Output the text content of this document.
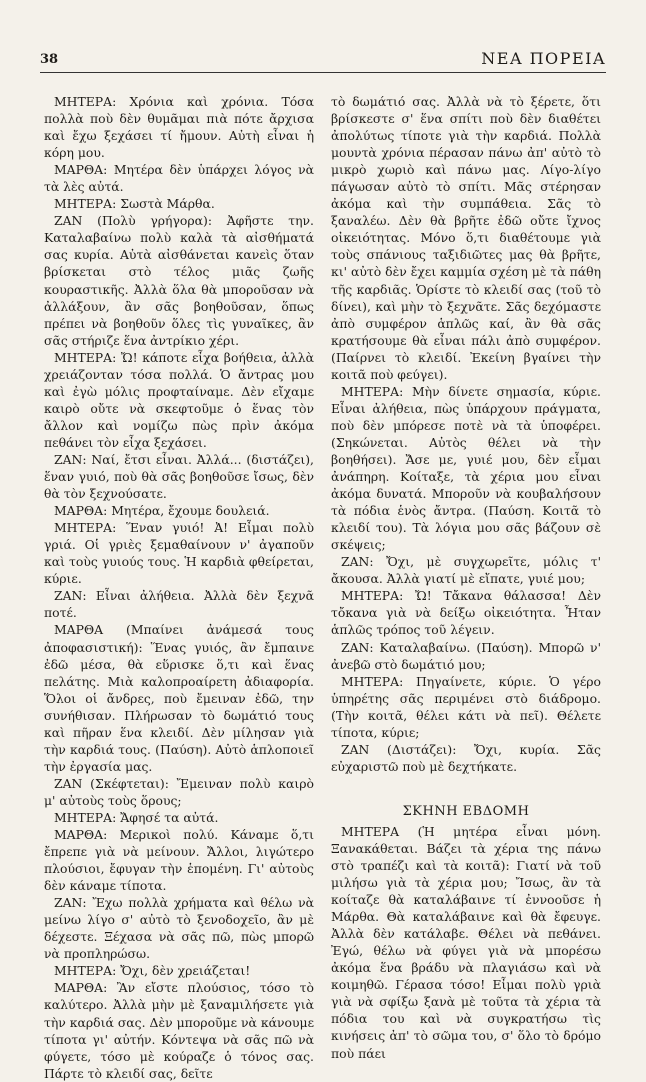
38	ΝΕΑ ΠΟΡΕΙΑ

ΜΗΤΕΡΑ: Χρόνια καὶ χρόνια. Τόσα πολλὰ ποὺ δὲν θυμᾶμαι πιὰ πότε ἄρχισα καὶ ἔχω ξεχάσει τί ἤμουν. Αὐτὴ εἶναι ἡ κόρη μου.

ΜΑΡΘΑ: Μητέρα δὲν ὑπάρχει λόγος νὰ τὰ λὲς αὐτά.

ΜΗΤΕΡΑ: Σωστὰ Μάρθα.

ΖΑΝ (Πολὺ γρήγορα): Ἀφῆστε την. Καταλαβαίνω πολὺ καλὰ τὰ αἰσθήματά σας κυρία. Αὐτὰ αἰσθάνεται κανεὶς ὅταν βρίσκεται στὸ τέλος μιᾶς ζωῆς κουραστικῆς. Ἀλλὰ ὅλα θὰ μποροῦσαν νὰ ἀλλάξουν, ἂν σᾶς βοηθοῦσαν, ὅπως πρέπει νὰ βοηθοῦν ὅλες τὶς γυναῖκες, ἂν σᾶς στήριζε ἕνα ἀντρίκιο χέρι.

ΜΗΤΕΡΑ: Ὤ! κάποτε εἶχα βοήθεια, ἀλλὰ χρειάζονταν τόσα πολλά. Ὁ ἄντρας μου καὶ ἐγὼ μόλις προφταίναμε. Δὲν εἴχαμε καιρὸ οὔτε νὰ σκεφτοῦμε ὁ ἕνας τὸν ἄλλον καὶ νομίζω πὼς πρὶν ἀκόμα πεθάνει τὸν εἶχα ξεχάσει.

ΖΑΝ: Ναί, ἔτσι εἶναι. Ἀλλά... (διστάζει), ἕναν γυιό, ποὺ θὰ σᾶς βοηθοῦσε ἴσως, δὲν θὰ τὸν ξεχνούσατε.

ΜΑΡΘΑ: Μητέρα, ἔχουμε δουλειά.

ΜΗΤΕΡΑ: Ἕναν γυιό! Ἀ! Εἶμαι πολὺ γριά. Οἱ γριὲς ξεμαθαίνουν ν' ἀγαποῦν καὶ τοὺς γυιούς τους. Ἡ καρδιὰ φθείρεται, κύριε.

ΖΑΝ: Εἶναι ἀλήθεια. Ἀλλὰ δὲν ξεχνᾶ ποτέ.

ΜΑΡΘΑ (Μπαίνει ἀνάμεσά τους ἀποφασιστική): Ἕνας γυιός, ἂν ἔμπαινε ἐδῶ μέσα, θὰ εὕρισκε ὅ,τι καὶ ἕνας πελάτης. Μιὰ καλοπροαίρετη ἀδιαφορία. Ὅλοι οἱ ἄνδρες, ποὺ ἔμειναν ἐδῶ, την συνήθισαν. Πλήρωσαν τὸ δωμάτιό τους καὶ πῆραν ἕνα κλειδί. Δὲν μίλησαν γιὰ τὴν καρδιά τους. (Παύση). Αὐτὸ ἁπλοποιεῖ τὴν ἐργασία μας.

ΖΑΝ (Σκέφτεται): Ἔμειναν πολὺ καιρὸ μ' αὐτοὺς τοὺς ὅρους;

ΜΗΤΕΡΑ: Ἄφησέ τα αὐτά.

ΜΑΡΘΑ: Μερικοὶ πολύ. Κάναμε ὅ,τι ἔπρεπε γιὰ νὰ μείνουν. Ἄλλοι, λιγώτερο πλούσιοι, ἔφυγαν τὴν ἑπομένη. Γι' αὐτοὺς δὲν κάναμε τίποτα.

ΖΑΝ: Ἔχω πολλὰ χρήματα καὶ θέλω νὰ μείνω λίγο σ' αὐτὸ τὸ ξενοδοχεῖο, ἂν μὲ δέχεστε. Ξέχασα νὰ σᾶς πῶ, πὼς μπορῶ νὰ προπληρώσω.

ΜΗΤΕΡΑ: Ὄχι, δὲν χρειάζεται!

ΜΑΡΘΑ: Ἂν εἴστε πλούσιος, τόσο τὸ καλύτερο. Ἀλλὰ μὴν μὲ ξαναμιλήσετε γιὰ τὴν καρδιά σας. Δὲν μποροῦμε νὰ κάνουμε τίποτα γι' αὐτήν. Κόντεψα νὰ σᾶς πῶ νὰ φύγετε, τόσο μὲ κούραζε ὁ τόνος σας. Πάρτε τὸ κλειδί σας, δεῖτε

τὸ δωμάτιό σας. Ἀλλὰ νὰ τὸ ξέρετε, ὅτι βρίσκεστε σ' ἕνα σπίτι ποὺ δὲν διαθέτει ἀπολύτως τίποτε γιὰ τὴν καρδιά. Πολλὰ μουντὰ χρόνια πέρασαν πάνω ἀπ' αὐτὸ τὸ μικρὸ χωριὸ καὶ πάνω μας. Λίγο-λίγο πάγωσαν αὐτὸ τὸ σπίτι. Μᾶς στέρησαν ἀκόμα καὶ τὴν συμπάθεια. Σᾶς τὸ ξαναλέω. Δὲν θὰ βρῆτε ἐδῶ οὔτε ἴχνος οἰκειότητας. Μόνο ὅ,τι διαθέτουμε γιὰ τοὺς σπάνιους ταξιδιῶτες μας θὰ βρῆτε, κι' αὐτὸ δὲν ἔχει καμμία σχέση μὲ τὰ πάθη τῆς καρδιᾶς. Ὁρίστε τὸ κλειδί σας (τοῦ τὸ δίνει), καὶ μὴν τὸ ξεχνᾶτε. Σᾶς δεχόμαστε ἀπὸ συμφέρον ἁπλῶς καί, ἂν θὰ σᾶς κρατήσουμε θὰ εἶναι πάλι ἀπὸ συμφέρον. (Παίρνει τὸ κλειδί. Ἐκείνη βγαίνει τὴν κοιτᾶ ποὺ φεύγει).

ΜΗΤΕΡΑ: Μὴν δίνετε σημασία, κύριε. Εἶναι ἀλήθεια, πὼς ὑπάρχουν πράγματα, ποὺ δὲν μπόρεσε ποτὲ νὰ τὰ ὑποφέρει. (Σηκώνεται. Αὐτὸς θέλει νὰ τὴν βοηθήσει). Ἄσε με, γυιέ μου, δὲν εἶμαι ἀνάπηρη. Κοίταξε, τὰ χέρια μου εἶναι ἀκόμα δυνατά. Μποροῦν νὰ κουβαλήσουν τὰ πόδια ἑνὸς ἄντρα. (Παύση. Κοιτᾶ τὸ κλειδί του). Τὰ λόγια μου σᾶς βάζουν σὲ σκέψεις;

ΖΑΝ: Ὄχι, μὲ συγχωρεῖτε, μόλις τ' ἄκουσα. Ἀλλὰ γιατί μὲ εἴπατε, γυιέ μου;

ΜΗΤΕΡΑ: Ὤ! Τἄκανα θάλασσα! Δὲν τὄκανα γιὰ νὰ δείξω οἰκειότητα. Ἦταν ἁπλῶς τρόπος τοῦ λέγειν.

ΖΑΝ: Καταλαβαίνω. (Παύση). Μπορῶ ν' ἀνεβῶ στὸ δωμάτιό μου;

ΜΗΤΕΡΑ: Πηγαίνετε, κύριε. Ὁ γέρο ὑπηρέτης σᾶς περιμένει στὸ διάδρομο. (Τὴν κοιτᾶ, θέλει κάτι νὰ πεῖ). Θέλετε τίποτα, κύριε;

ΖΑΝ (Διστάζει): Ὄχι, κυρία. Σᾶς εὐχαριστῶ ποὺ μὲ δεχτήκατε.

ΣΚΗΝΗ ΕΒΔΟΜΗ

ΜΗΤΕΡΑ (Ἡ μητέρα εἶναι μόνη. Ξανακάθεται. Βάζει τὰ χέρια της πάνω στὸ τραπέζι καὶ τὰ κοιτᾶ): Γιατί νὰ τοῦ μιλήσω γιὰ τὰ χέρια μου; Ἴσως, ἂν τὰ κοίταζε θὰ καταλάβαινε τί ἐννοοῦσε ἡ Μάρθα. Θὰ καταλάβαινε καὶ θὰ ἔφευγε. Ἀλλὰ δὲν κατάλαβε. Θέλει νὰ πεθάνει. Ἐγώ, θέλω νὰ φύγει γιὰ νὰ μπορέσω ἀκόμα ἕνα βράδυ νὰ πλαγιάσω καὶ νὰ κοιμηθῶ. Γέρασα τόσο! Εἶμαι πολὺ γριὰ γιὰ νὰ σφίξω ξανὰ μὲ τοῦτα τὰ χέρια τὰ πόδια του καὶ νὰ συγκρατήσω τὶς κινήσεις ἀπ' τὸ σῶμα του, σ' ὅλο τὸ δρόμο ποὺ πάει
